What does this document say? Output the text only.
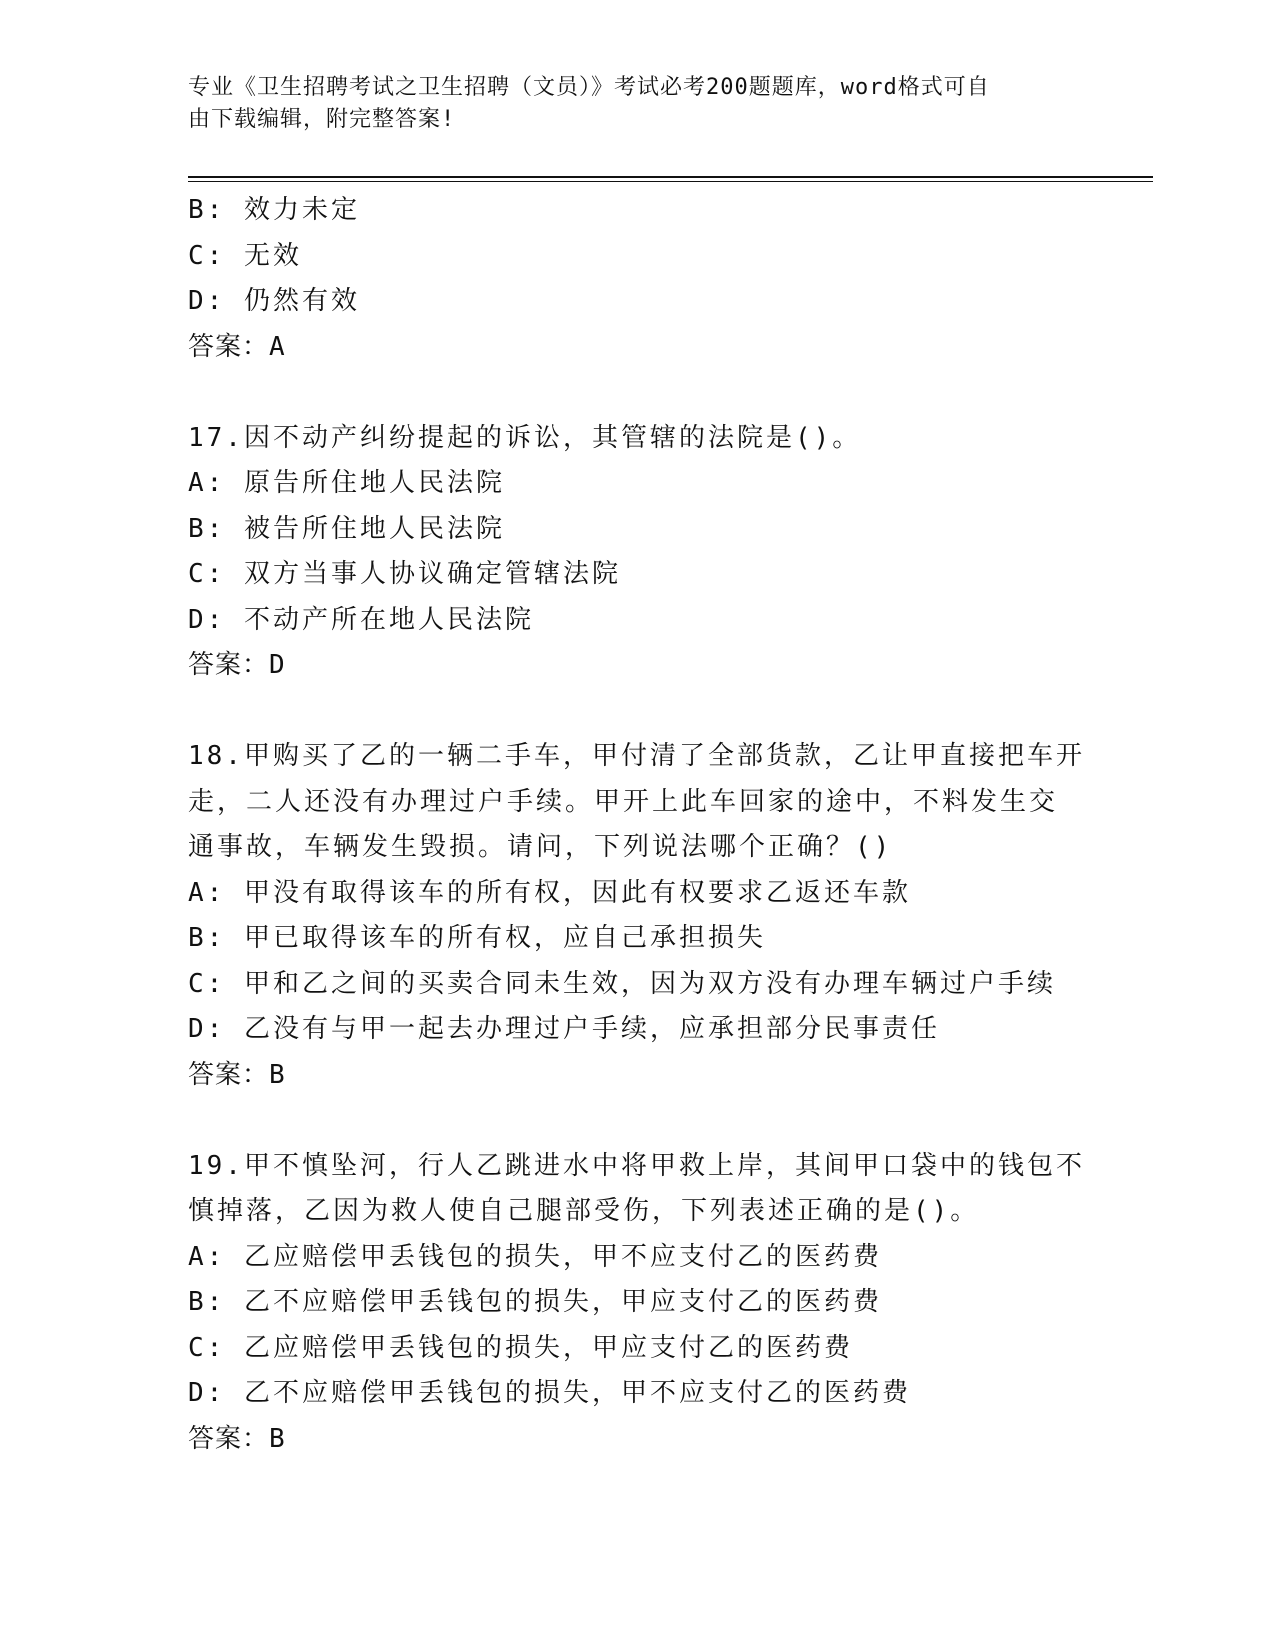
专业《卫生招聘考试之卫生招聘（文员）》考试必考200题题库，word格式可自
由下载编辑，附完整答案!
B: 效力未定
C: 无效
D: 仍然有效
答案：A
17.因不动产纠纷提起的诉讼，其管辖的法院是()。
A: 原告所住地人民法院
B: 被告所住地人民法院
C: 双方当事人协议确定管辖法院
D: 不动产所在地人民法院
答案：D
18.甲购买了乙的一辆二手车，甲付清了全部货款，乙让甲直接把车开
走，二人还没有办理过户手续。甲开上此车回家的途中，不料发生交
通事故，车辆发生毁损。请问，下列说法哪个正确？()
A: 甲没有取得该车的所有权，因此有权要求乙返还车款
B: 甲已取得该车的所有权，应自己承担损失
C: 甲和乙之间的买卖合同未生效，因为双方没有办理车辆过户手续
D: 乙没有与甲一起去办理过户手续，应承担部分民事责任
答案：B
19.甲不慎坠河，行人乙跳进水中将甲救上岸，其间甲口袋中的钱包不
慎掉落，乙因为救人使自己腿部受伤，下列表述正确的是()。
A: 乙应赔偿甲丢钱包的损失，甲不应支付乙的医药费
B: 乙不应赔偿甲丢钱包的损失，甲应支付乙的医药费
C: 乙应赔偿甲丢钱包的损失，甲应支付乙的医药费
D: 乙不应赔偿甲丢钱包的损失，甲不应支付乙的医药费
答案：B
